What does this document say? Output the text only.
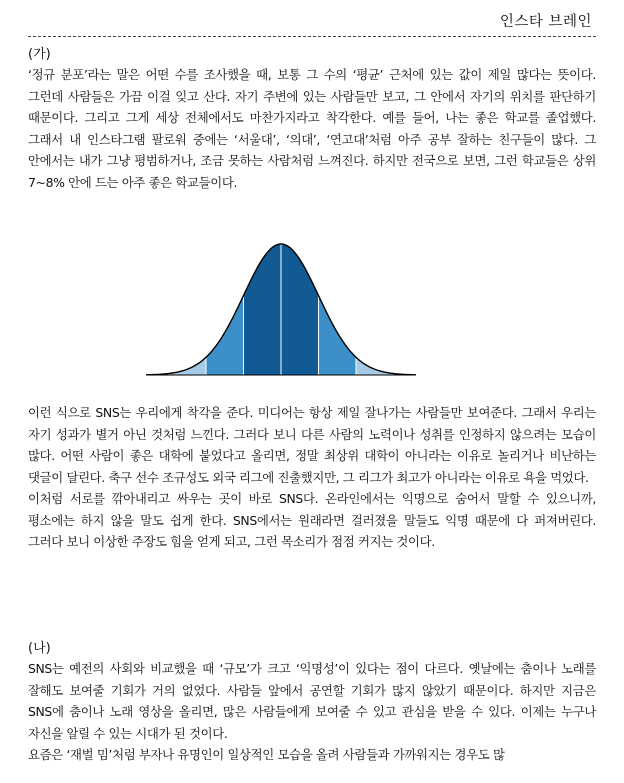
인스타 브레인
(가)

‘정규 분포’라는 말은 어떤 수를 조사했을 때, 보통 그 수의 ‘평균’ 근처에 있는 값이 제일 많다는 뜻이다. 그런데 사람들은 가끔 이걸 잊고 산다. 자기 주변에 있는 사람들만 보고, 그 안에서 자기의 위치를 판단하기 때문이다. 그리고 그게 세상 전체에서도 마찬가지라고 착각한다. 예를 들어, 나는 좋은 학교를 졸업했다. 그래서 내 인스타그램 팔로워 중에는 ‘서울대’, ‘의대’, ‘연고대’처럼 아주 공부 잘하는 친구들이 많다. 그 안에서는 내가 그냥 평범하거나, 조금 못하는 사람처럼 느껴진다. 하지만 전국으로 보면, 그런 학교들은 상위 7~8% 안에 드는 아주 좋은 학교들이다.

이런 식으로 SNS는 우리에게 착각을 준다. 미디어는 항상 제일 잘나가는 사람들만 보여준다. 그래서 우리는 자기 성과가 별거 아닌 것처럼 느낀다. 그러다 보니 다른 사람의 노력이나 성취를 인정하지 않으려는 모습이 많다. 어떤 사람이 좋은 대학에 붙었다고 올리면, 정말 최상위 대학이 아니라는 이유로 놀리거나 비난하는 댓글이 달린다. 축구 선수 조규성도 외국 리그에 진출했지만, 그 리그가 최고가 아니라는 이유로 욕을 먹었다.

이처럼 서로를 깎아내리고 싸우는 곳이 바로 SNS다. 온라인에서는 익명으로 숨어서 말할 수 있으니까, 평소에는 하지 않을 말도 쉽게 한다. SNS에서는 원래라면 걸러졌을 말들도 익명 때문에 다 퍼져버린다. 그러다 보니 이상한 주장도 힘을 얻게 되고, 그런 목소리가 점점 커지는 것이다.

(나)

SNS는 예전의 사회와 비교했을 때 ‘규모’가 크고 ‘익명성’이 있다는 점이 다르다. 옛날에는 춤이나 노래를 잘해도 보여줄 기회가 거의 없었다. 사람들 앞에서 공연할 기회가 많지 않았기 때문이다. 하지만 지금은 SNS에 춤이나 노래 영상을 올리면, 많은 사람들에게 보여줄 수 있고 관심을 받을 수 있다. 이제는 누구나 자신을 알릴 수 있는 시대가 된 것이다.

요즘은 ‘재벌 밈’처럼 부자나 유명인이 일상적인 모습을 올려 사람들과 가까워지는 경우도 많
